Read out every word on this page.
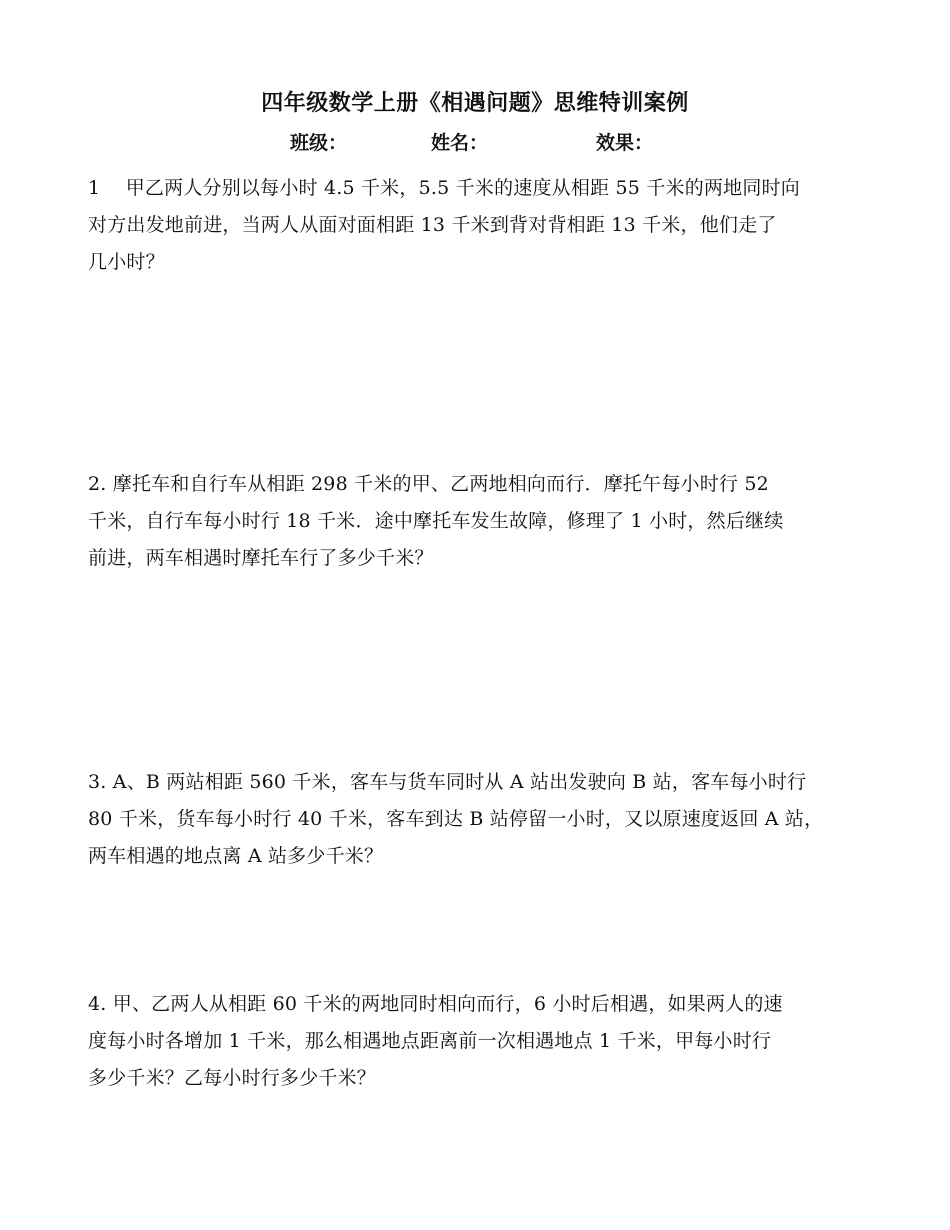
四年级数学上册《相遇问题》思维特训案例
班级：	姓名：	效果：
1　 甲乙两人分别以每小时 4.5 千米，5.5 千米的速度从相距 55 千米的两地同时向
对方出发地前进，当两人从面对面相距 13 千米到背对背相距 13 千米，他们走了
几小时？
2. 摩托车和自行车从相距 298 千米的甲、乙两地相向而行．摩托午每小时行 52
千米，自行车每小时行 18 千米．途中摩托车发生故障，修理了 1 小时，然后继续
前进，两车相遇时摩托车行了多少千米？
3. A、B 两站相距 560 千米，客车与货车同时从 A 站出发驶向 B 站，客车每小时行
80 千米，货车每小时行 40 千米，客车到达 B 站停留一小时，又以原速度返回 A 站，
两车相遇的地点离 A 站多少千米？
4. 甲、乙两人从相距 60 千米的两地同时相向而行，6 小时后相遇，如果两人的速
度每小时各增加 1 千米，那么相遇地点距离前一次相遇地点 1 千米，甲每小时行
多少千米？乙每小时行多少千米？
